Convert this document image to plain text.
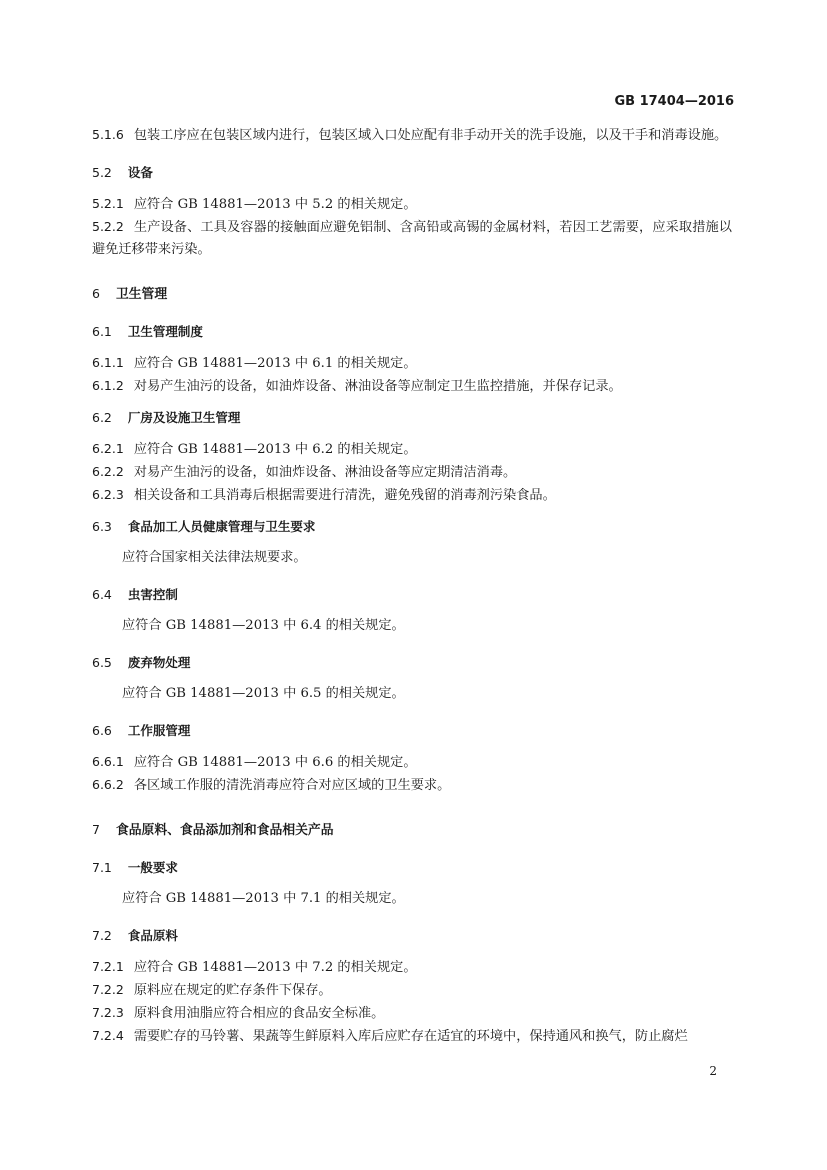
GB 17404—2016

5.1.6 包装工序应在包装区域内进行，包装区域入口处应配有非手动开关的洗手设施，以及干手和消毒设施。

5.2 设备

5.2.1 应符合 GB 14881—2013 中 5.2 的相关规定。

5.2.2 生产设备、工具及容器的接触面应避免铝制、含高铅或高锡的金属材料，若因工艺需要，应采取措施以避免迁移带来污染。

6 卫生管理

6.1 卫生管理制度

6.1.1 应符合 GB 14881—2013 中 6.1 的相关规定。

6.1.2 对易产生油污的设备，如油炸设备、淋油设备等应制定卫生监控措施，并保存记录。

6.2 厂房及设施卫生管理

6.2.1 应符合 GB 14881—2013 中 6.2 的相关规定。

6.2.2 对易产生油污的设备，如油炸设备、淋油设备等应定期清洁消毒。

6.2.3 相关设备和工具消毒后根据需要进行清洗，避免残留的消毒剂污染食品。

6.3 食品加工人员健康管理与卫生要求

应符合国家相关法律法规要求。

6.4 虫害控制

应符合 GB 14881—2013 中 6.4 的相关规定。

6.5 废弃物处理

应符合 GB 14881—2013 中 6.5 的相关规定。

6.6 工作服管理

6.6.1 应符合 GB 14881—2013 中 6.6 的相关规定。

6.6.2 各区域工作服的清洗消毒应符合对应区域的卫生要求。

7 食品原料、食品添加剂和食品相关产品

7.1 一般要求

应符合 GB 14881—2013 中 7.1 的相关规定。

7.2 食品原料

7.2.1 应符合 GB 14881—2013 中 7.2 的相关规定。

7.2.2 原料应在规定的贮存条件下保存。

7.2.3 原料食用油脂应符合相应的食品安全标准。

7.2.4 需要贮存的马铃薯、果蔬等生鲜原料入库后应贮存在适宜的环境中，保持通风和换气，防止腐烂

2
